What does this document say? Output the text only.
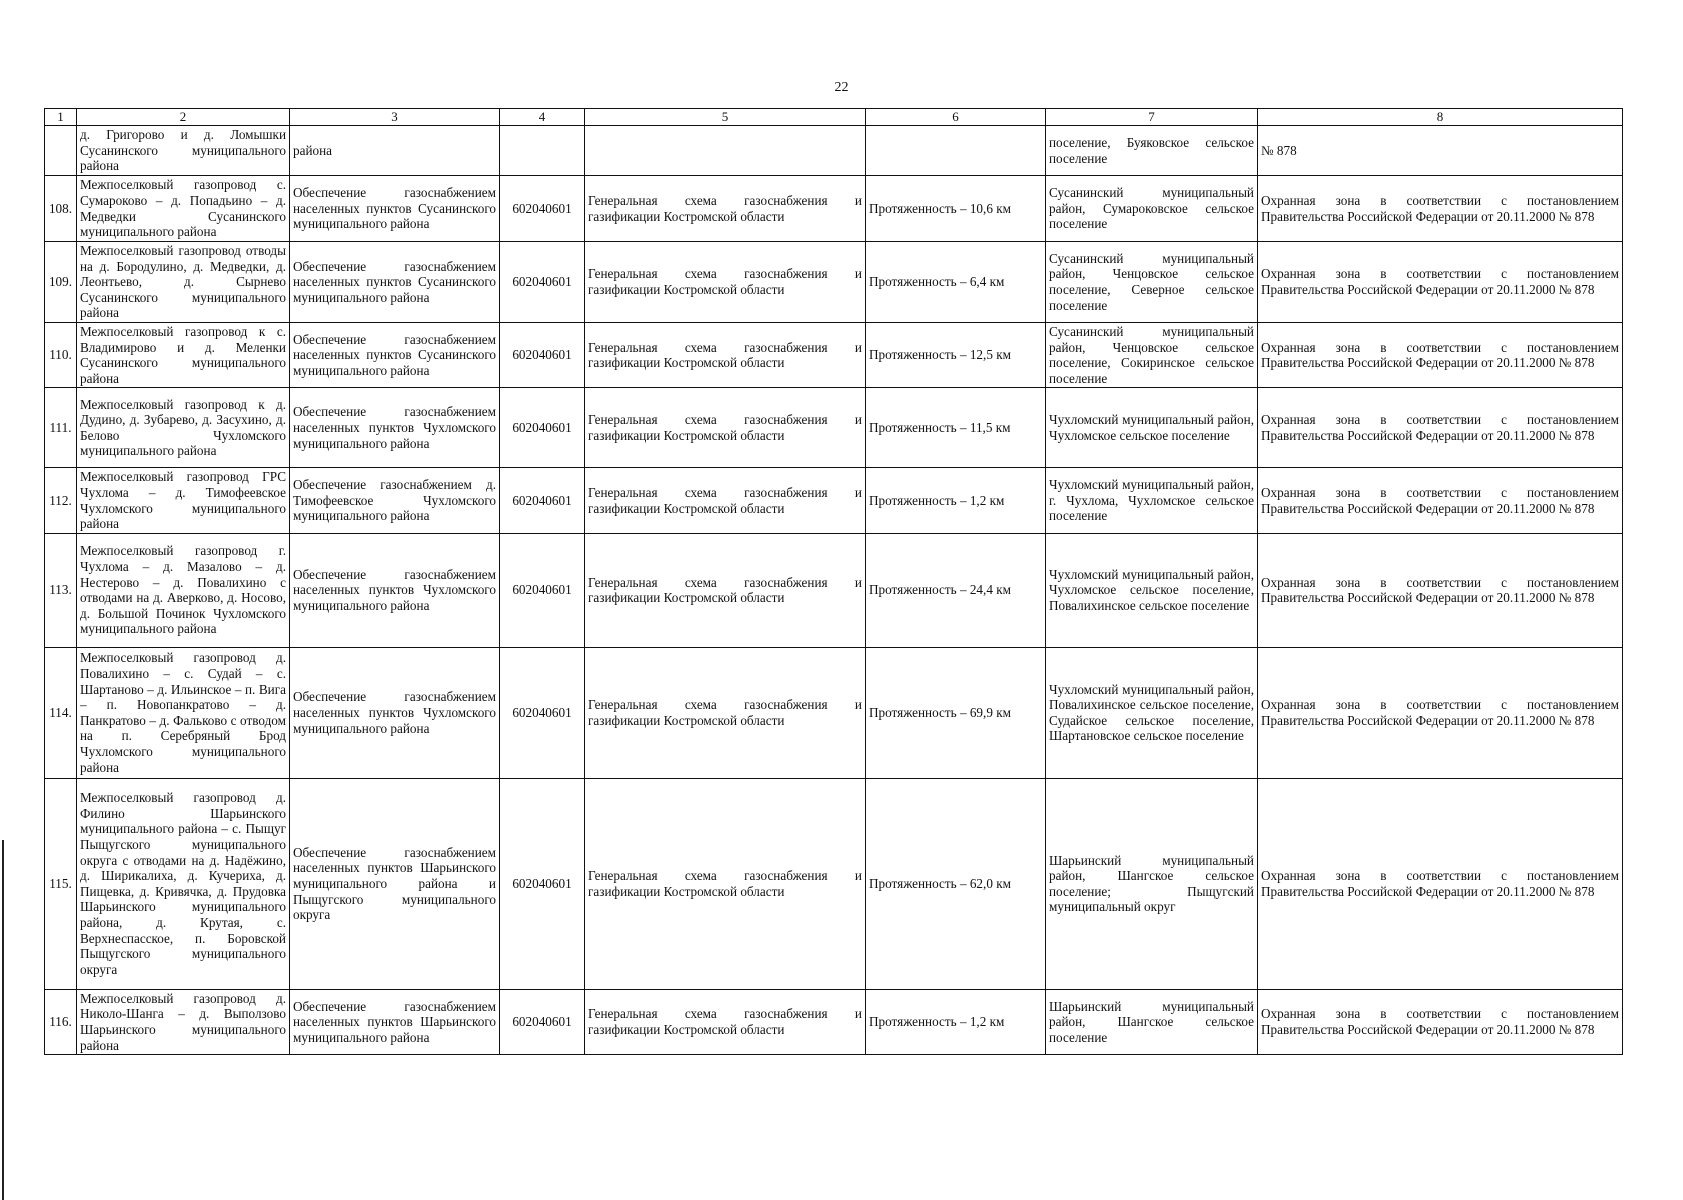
22
1	2	3	4	5	6	7	8
	д. Григорово и д. Ломышки Сусанинского муниципального района	района				поселение, Буяковское сельское поселение	№ 878
108.	Межпоселковый газопровод с. Сумароково – д. Попадьино – д. Медведки Сусанинского муниципального района	Обеспечение газоснабжением населенных пунктов Сусанинского муниципального района	602040601	Генеральная схема газоснабжения и газификации Костромской области	Протяженность – 10,6 км	Сусанинский муниципальный район, Сумароковское сельское поселение	Охранная зона в соответствии с постановлением Правительства Российской Федерации от 20.11.2000 № 878
109.	Межпоселковый газопровод отводы на д. Бородулино, д. Медведки, д. Леонтьево, д. Сырнево Сусанинского муниципального района	Обеспечение газоснабжением населенных пунктов Сусанинского муниципального района	602040601	Генеральная схема газоснабжения и газификации Костромской области	Протяженность – 6,4 км	Сусанинский муниципальный район, Ченцовское сельское поселение, Северное сельское поселение	Охранная зона в соответствии с постановлением Правительства Российской Федерации от 20.11.2000 № 878
110.	Межпоселковый газопровод к с. Владимирово и д. Меленки Сусанинского муниципального района	Обеспечение газоснабжением населенных пунктов Сусанинского муниципального района	602040601	Генеральная схема газоснабжения и газификации Костромской области	Протяженность – 12,5 км	Сусанинский муниципальный район, Ченцовское сельское поселение, Сокиринское сельское поселение	Охранная зона в соответствии с постановлением Правительства Российской Федерации от 20.11.2000 № 878
111.	Межпоселковый газопровод к д. Дудино, д. Зубарево, д. Засухино, д. Белово Чухломского муниципального района	Обеспечение газоснабжением населенных пунктов Чухломского муниципального района	602040601	Генеральная схема газоснабжения и газификации Костромской области	Протяженность – 11,5 км	Чухломский муниципальный район, Чухломское сельское поселение	Охранная зона в соответствии с постановлением Правительства Российской Федерации от 20.11.2000 № 878
112.	Межпоселковый газопровод ГРС Чухлома – д. Тимофеевское Чухломского муниципального района	Обеспечение газоснабжением д. Тимофеевское Чухломского муниципального района	602040601	Генеральная схема газоснабжения и газификации Костромской области	Протяженность – 1,2 км	Чухломский муниципальный район, г. Чухлома, Чухломское сельское поселение	Охранная зона в соответствии с постановлением Правительства Российской Федерации от 20.11.2000 № 878
113.	Межпоселковый газопровод г. Чухлома – д. Мазалово – д. Нестерово – д. Повалихино с отводами на д. Аверково, д. Носово, д. Большой Починок Чухломского муниципального района	Обеспечение газоснабжением населенных пунктов Чухломского муниципального района	602040601	Генеральная схема газоснабжения и газификации Костромской области	Протяженность – 24,4 км	Чухломский муниципальный район, Чухломское сельское поселение, Повалихинское сельское поселение	Охранная зона в соответствии с постановлением Правительства Российской Федерации от 20.11.2000 № 878
114.	Межпоселковый газопровод д. Повалихино – с. Судай – с. Шартаново – д. Ильинское – п. Вига – п. Новопанкратово – д. Панкратово – д. Фальково с отводом на п. Серебряный Брод Чухломского муниципального района	Обеспечение газоснабжением населенных пунктов Чухломского муниципального района	602040601	Генеральная схема газоснабжения и газификации Костромской области	Протяженность – 69,9 км	Чухломский муниципальный район, Повалихинское сельское поселение, Судайское сельское поселение, Шартановское сельское поселение	Охранная зона в соответствии с постановлением Правительства Российской Федерации от 20.11.2000 № 878
115.	Межпоселковый газопровод д. Филино Шарьинского муниципального района – с. Пыщуг Пыщугского муниципального округа с отводами на д. Надёжино, д. Ширикалиха, д. Кучериха, д. Пищевка, д. Кривячка, д. Прудовка Шарьинского муниципального района, д. Крутая, с. Верхнеспасское, п. Боровской Пыщугского муниципального округа	Обеспечение газоснабжением населенных пунктов Шарьинского муниципального района и Пыщугского муниципального округа	602040601	Генеральная схема газоснабжения и газификации Костромской области	Протяженность – 62,0 км	Шарьинский муниципальный район, Шангское сельское поселение; Пыщугский муниципальный округ	Охранная зона в соответствии с постановлением Правительства Российской Федерации от 20.11.2000 № 878
116.	Межпоселковый газопровод д. Николо-Шанга – д. Выползово Шарьинского муниципального района	Обеспечение газоснабжением населенных пунктов Шарьинского муниципального района	602040601	Генеральная схема газоснабжения и газификации Костромской области	Протяженность – 1,2 км	Шарьинский муниципальный район, Шангское сельское поселение	Охранная зона в соответствии с постановлением Правительства Российской Федерации от 20.11.2000 № 878
